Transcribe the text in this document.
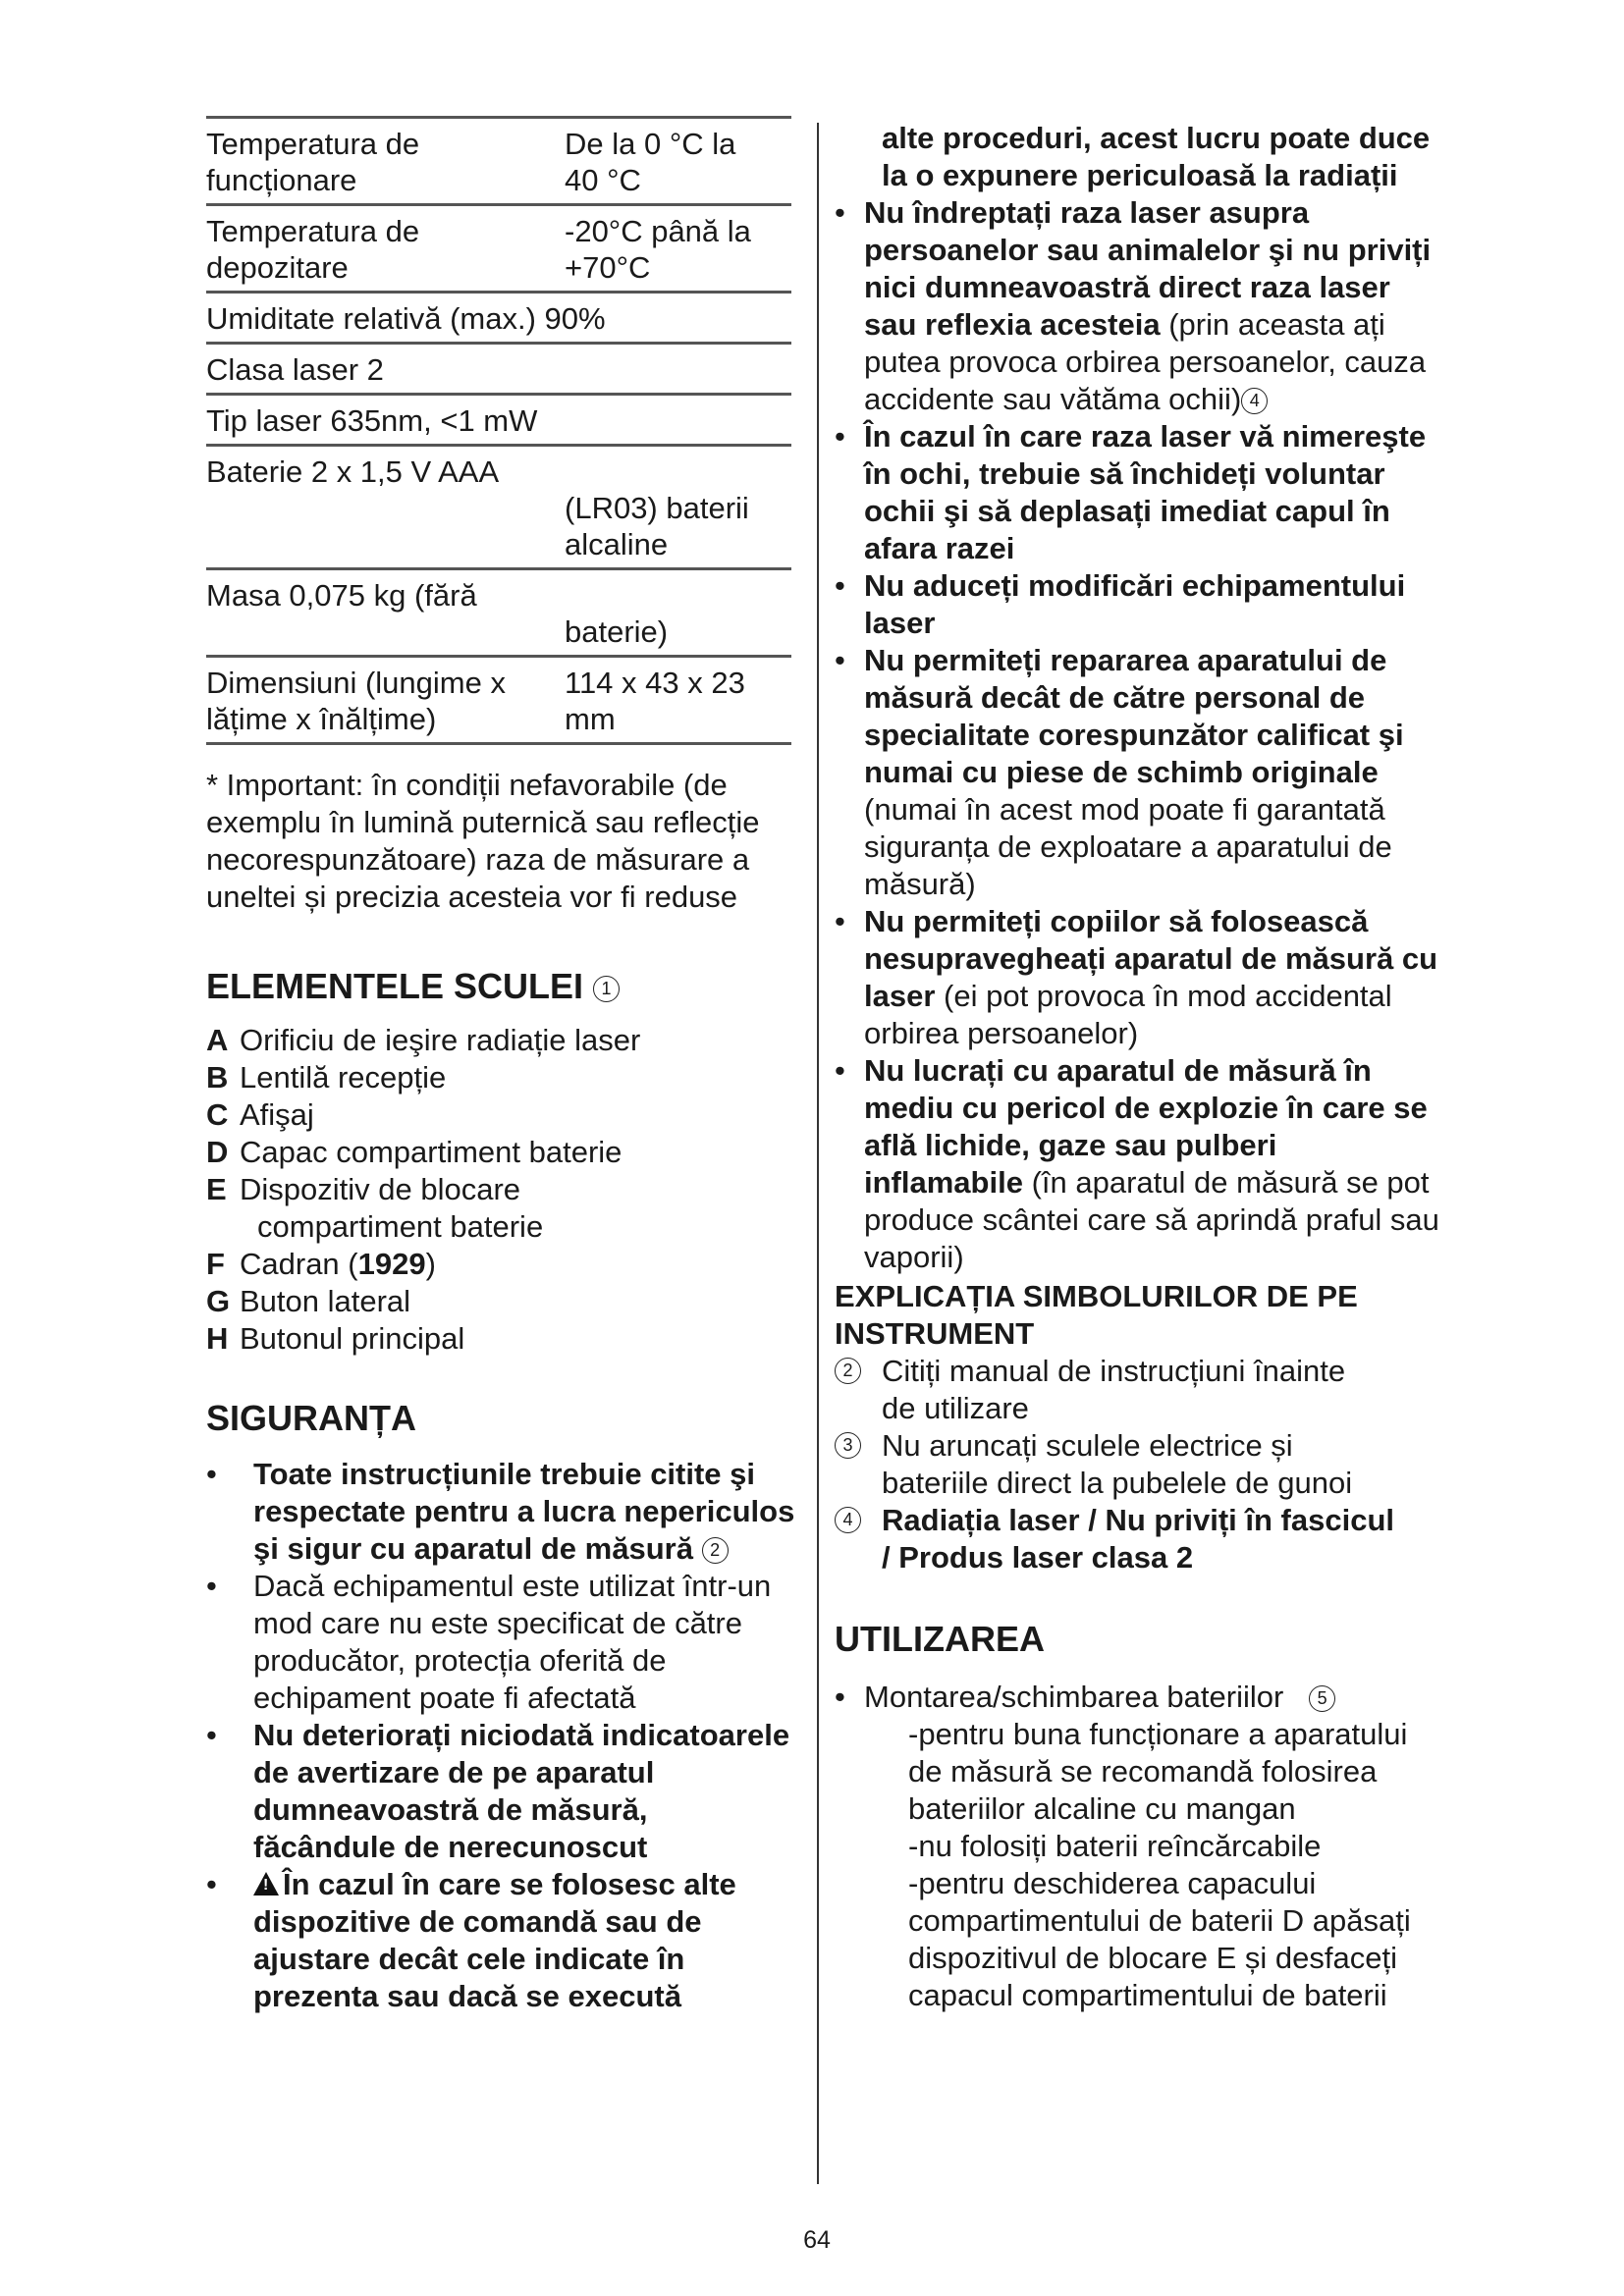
Temperatura de funcționare
De la 0 °C la 40 °C
Temperatura de depozitare
-20°C până la +70°C
Umiditate relativă (max.) 90%
Clasa laser 2
Tip laser 635nm, <1 mW
Baterie 2 x 1,5 V AAA
(LR03) baterii alcaline
Masa 0,075 kg (fără
baterie)
Dimensiuni (lungime x lățime x înălțime)
114 x 43 x 23 mm

* Important: în condiții nefavorabile (de exemplu în lumină puternică sau reflecție necorespunzătoare) raza de măsurare a uneltei și precizia acesteia vor fi reduse

ELEMENTELE SCULEI 1
A Orificiu de ieşire radiație laser
B Lentilă recepție
C Afişaj
D Capac compartiment baterie
E Dispozitiv de blocare
compartiment baterie
F Cadran ( 1929 )
G Buton lateral
H Butonul principal
SIGURANȚA
• Toate instrucțiunile trebuie citite şi respectate pentru a lucra nepericulos şi sigur cu aparatul de măsură 2
• Dacă echipamentul este utilizat într-un mod care nu este specificat de către producător, protecția oferită de echipament poate fi afectată
• Nu deteriorați niciodată indicatoarele de avertizare de pe aparatul dumneavoastră de măsură, făcândule de nerecunoscut
!• În cazul în care se folosesc alte dispozitive de comandă sau de ajustare decât cele indicate în prezenta sau dacă se execută
alte proceduri, acest lucru poate duce la o expunere periculoasă la radiații
• Nu îndreptați raza laser asupra persoanelor sau animalelor şi nu priviți nici dumneavoastră direct raza laser sau reflexia acesteia (prin aceasta ați putea provoca orbirea persoanelor, cauza accidente sau vătăma ochii) 4
• În cazul în care raza laser vă nimereşte în ochi, trebuie să închideți voluntar ochii şi să deplasați imediat capul în afara razei
• Nu aduceți modificări echipamentului laser
• Nu permiteți repararea aparatului de măsură decât de către personal de specialitate corespunzător calificat şi numai cu piese de schimb originale (numai în acest mod poate fi garantată siguranța de exploatare a aparatului de măsură)
• Nu permiteți copiilor să folosească nesupravegheați aparatul de măsură cu laser (ei pot provoca în mod accidental orbirea persoanelor)
• Nu lucrați cu aparatul de măsură în mediu cu pericol de explozie în care se află lichide, gaze sau pulberi inflamabile (în aparatul de măsură se pot produce scântei care să aprindă praful sau vaporii)
EXPLICAȚIA SIMBOLURILOR DE PE INSTRUMENT
2 Citiți manual de instrucțiuni înainte
de utilizare
3 Nu aruncați sculele electrice și
bateriile direct la pubelele de gunoi
4 Radiația laser / Nu priviți în fascicul
/ Produs laser clasa 2
UTILIZAREA
• Montarea/schimbarea bateriilor 5
-pentru buna funcționare a aparatului de măsură se recomandă folosirea bateriilor alcaline cu mangan
-nu folosiți baterii reîncărcabile
-pentru deschiderea capacului compartimentului de baterii D apăsați dispozitivul de blocare E și desfaceți capacul compartimentului de baterii
64
